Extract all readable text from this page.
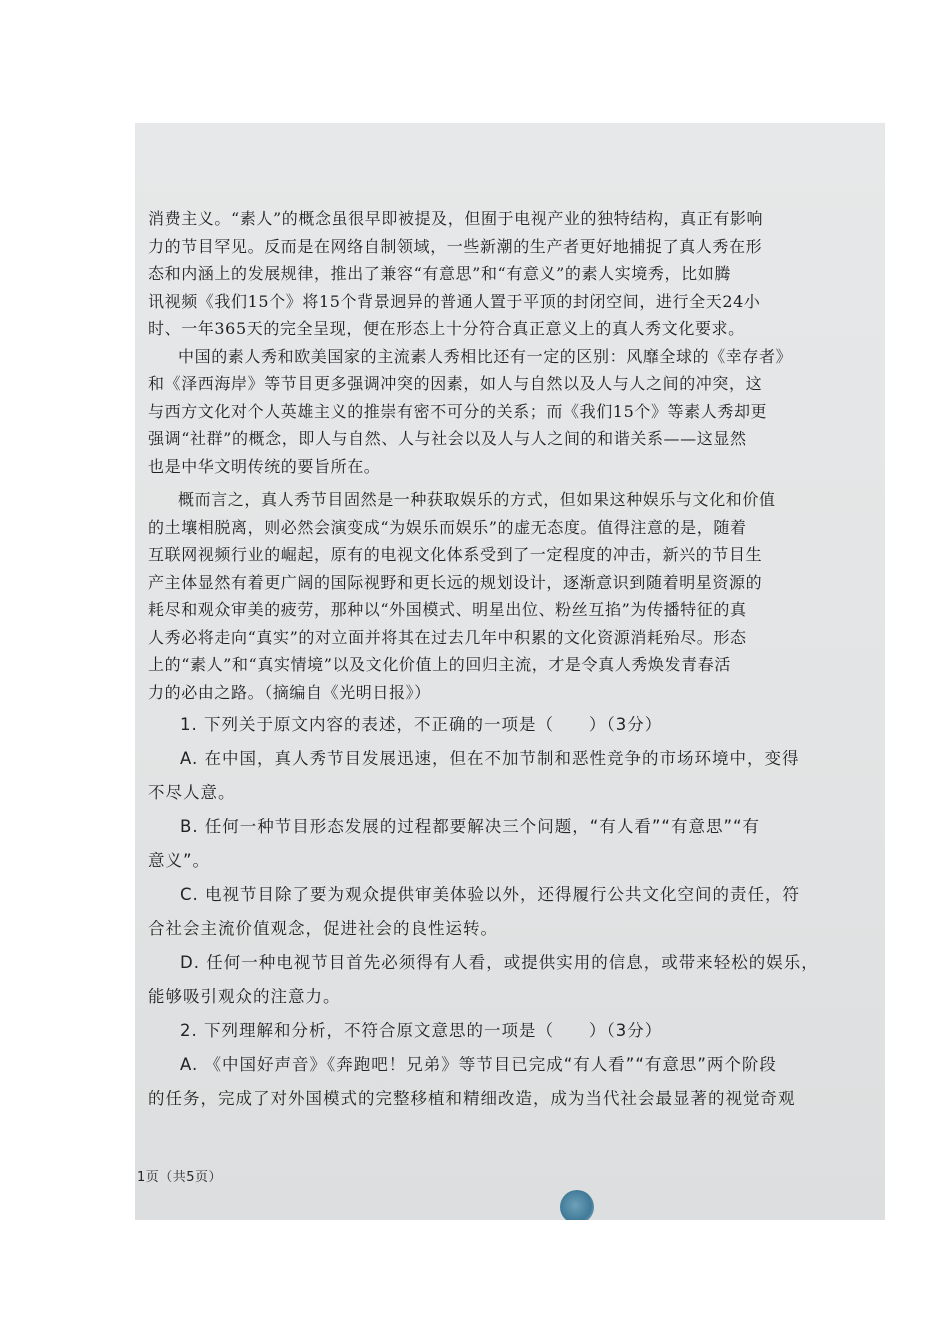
消费主义。“素人”的概念虽很早即被提及，但囿于电视产业的独特结构，真正有影响
力的节目罕见。反而是在网络自制领域，一些新潮的生产者更好地捕捉了真人秀在形
态和内涵上的发展规律，推出了兼容“有意思”和“有意义”的素人实境秀，比如腾
讯视频《我们15个》将15个背景迥异的普通人置于平顶的封闭空间，进行全天24小
时、一年365天的完全呈现，便在形态上十分符合真正意义上的真人秀文化要求。
中国的素人秀和欧美国家的主流素人秀相比还有一定的区别：风靡全球的《幸存者》
和《泽西海岸》等节目更多强调冲突的因素，如人与自然以及人与人之间的冲突，这
与西方文化对个人英雄主义的推崇有密不可分的关系；而《我们15个》等素人秀却更
强调“社群”的概念，即人与自然、人与社会以及人与人之间的和谐关系——这显然
也是中华文明传统的要旨所在。
概而言之，真人秀节目固然是一种获取娱乐的方式，但如果这种娱乐与文化和价值
的土壤相脱离，则必然会演变成“为娱乐而娱乐”的虚无态度。值得注意的是，随着
互联网视频行业的崛起，原有的电视文化体系受到了一定程度的冲击，新兴的节目生
产主体显然有着更广阔的国际视野和更长远的规划设计，逐渐意识到随着明星资源的
耗尽和观众审美的疲劳，那种以“外国模式、明星出位、粉丝互掐”为传播特征的真
人秀必将走向“真实”的对立面并将其在过去几年中积累的文化资源消耗殆尽。形态
上的“素人”和“真实情境”以及文化价值上的回归主流，才是令真人秀焕发青春活
力的必由之路。（摘编自《光明日报》）
1. 下列关于原文内容的表述，不正确的一项是（　　）（3分）
A. 在中国，真人秀节目发展迅速，但在不加节制和恶性竞争的市场环境中，变得
不尽人意。
B. 任何一种节目形态发展的过程都要解决三个问题，“有人看”“有意思”“有
意义”。
C. 电视节目除了要为观众提供审美体验以外，还得履行公共文化空间的责任，符
合社会主流价值观念，促进社会的良性运转。
D. 任何一种电视节目首先必须得有人看，或提供实用的信息，或带来轻松的娱乐，
能够吸引观众的注意力。
2. 下列理解和分析，不符合原文意思的一项是（　　）（3分）
A. 《中国好声音》《奔跑吧！兄弟》等节目已完成“有人看”“有意思”两个阶段
的任务，完成了对外国模式的完整移植和精细改造，成为当代社会最显著的视觉奇观
1页（共5页）
